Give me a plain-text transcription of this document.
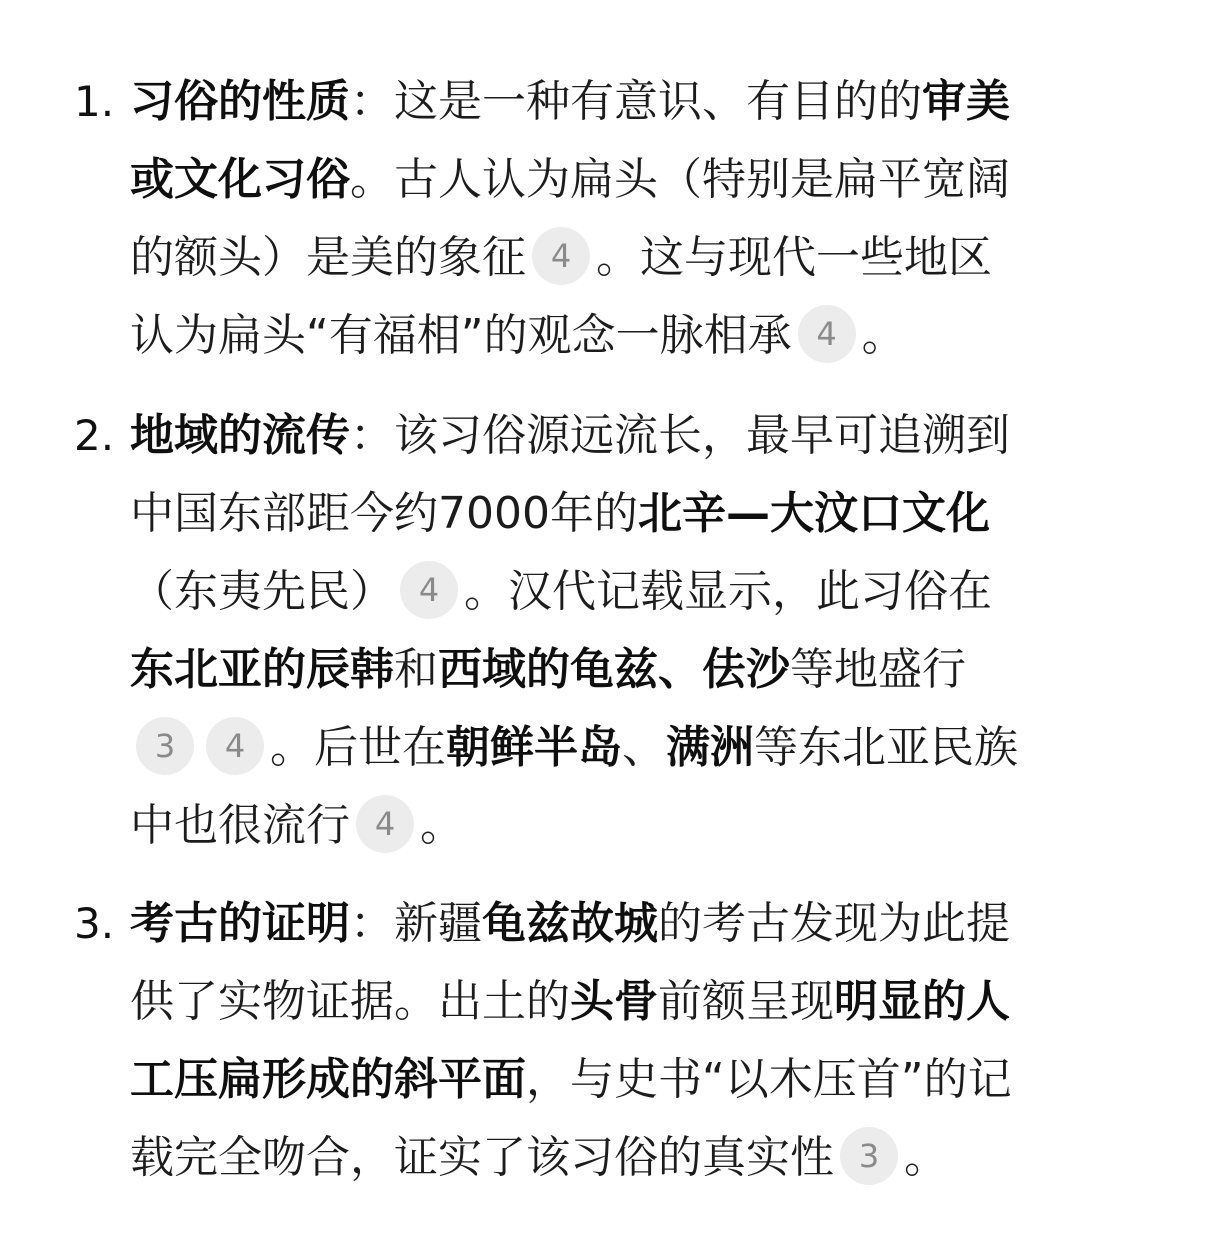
1. 习俗的性质：这是一种有意识、有目的的审美
或文化习俗。古人认为扁头（特别是扁平宽阔
的额头）是美的象征 4 。这与现代一些地区
认为扁头“有福相”的观念一脉相承 4 。
2. 地域的流传：该习俗源远流长，最早可追溯到
中国东部距今约7000年的北辛—大汶口文化
（东夷先民） 4 。汉代记载显示，此习俗在
东北亚的辰韩和西域的龟兹、佉沙等地盛行
3 4 。后世在朝鲜半岛、满洲等东北亚民族
中也很流行 4 。
3. 考古的证明：新疆龟兹故城的考古发现为此提
供了实物证据。出土的头骨前额呈现明显的人
工压扁形成的斜平面，与史书“以木压首”的记
载完全吻合，证实了该习俗的真实性 3 。
